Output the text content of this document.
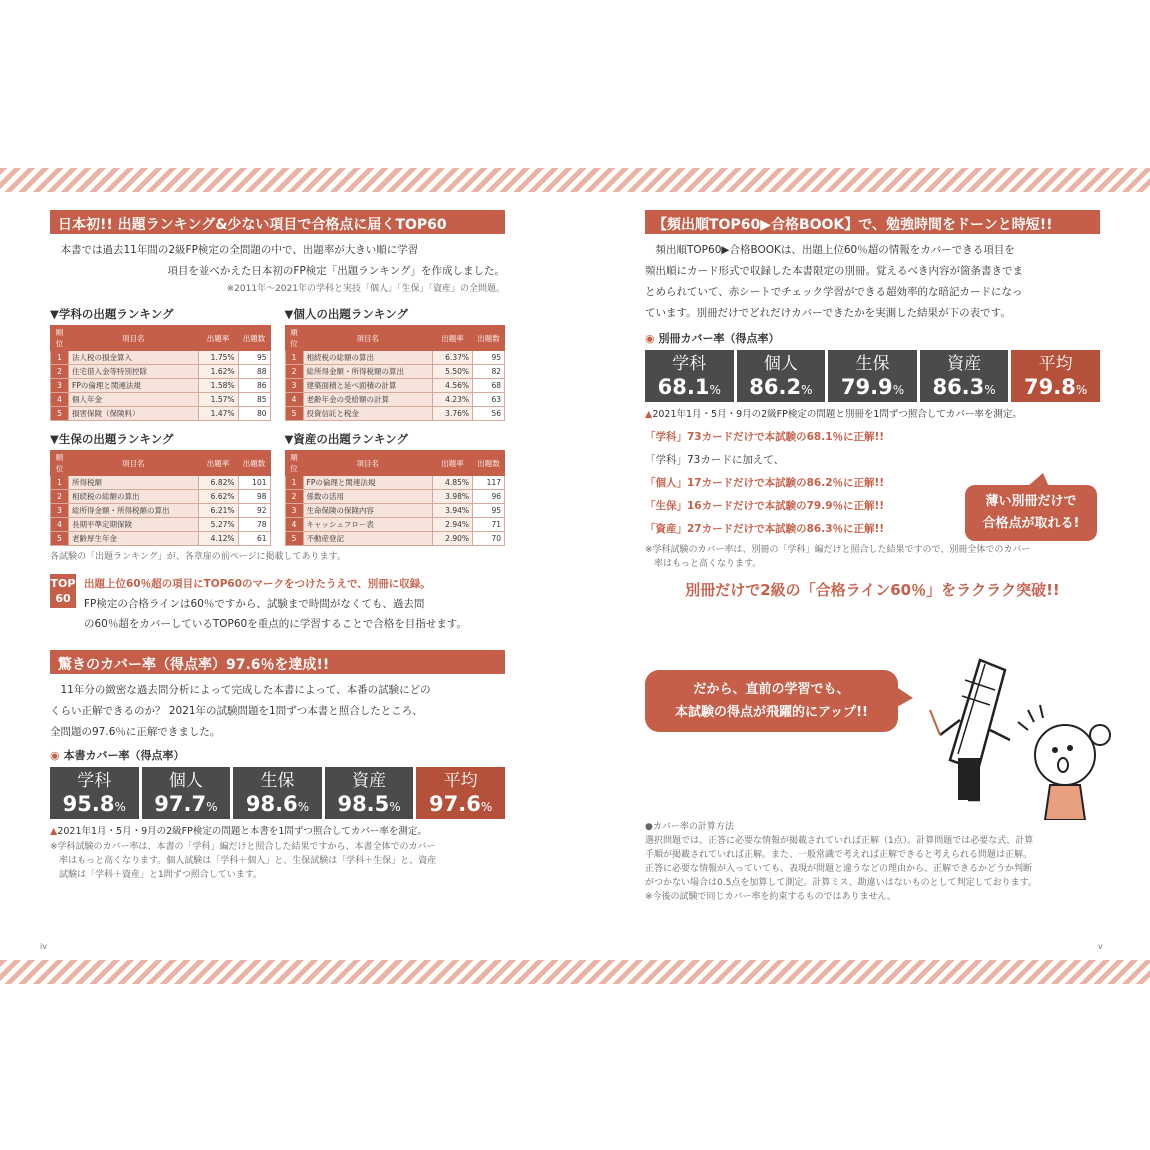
日本初!! 出題ランキング&少ない項目で合格点に届くTOP60
本書では過去11年間の2級FP検定の全問題の中で、出題率が大きい順に学習
項目を並べかえた日本初のFP検定「出題ランキング」を作成しました。
※2011年～2021年の学科と実技「個人」「生保」「資産」の全問題。
▼学科の出題ランキング
順位	項目名	出題率	出題数
1	法人税の損金算入	1.75%	95
2	住宅借入金等特別控除	1.62%	88
3	FPの倫理と関連法規	1.58%	86
4	個人年金	1.57%	85
5	損害保険（保険料）	1.47%	80
▼個人の出題ランキング
順位	項目名	出題率	出題数
1	相続税の総額の算出	6.37%	95
2	総所得金額・所得税額の算出	5.50%	82
3	建築面積と延べ面積の計算	4.56%	68
4	老齢年金の受給額の計算	4.23%	63
5	投資信託と税金	3.76%	56
▼生保の出題ランキング
順位	項目名	出題率	出題数
1	所得税額	6.82%	101
2	相続税の総額の算出	6.62%	98
3	総所得金額・所得税額の算出	6.21%	92
4	長期平準定期保険	5.27%	78
5	老齢厚生年金	4.12%	61
▼資産の出題ランキング
順位	項目名	出題率	出題数
1	FPの倫理と関連法規	4.85%	117
2	係数の活用	3.98%	96
3	生命保険の保険内容	3.94%	95
4	キャッシュフロー表	2.94%	71
5	不動産登記	2.90%	70
各試験の「出題ランキング」が、各章扉の前ページに掲載してあります。
TOP
60
出題上位60％超の項目にTOP60のマークをつけたうえで、別冊に収録。
FP検定の合格ラインは60％ですから、試験まで時間がなくても、過去問
の60％超をカバーしているTOP60を重点的に学習することで合格を目指せます。
驚きのカバー率（得点率）97.6％を達成!!
11年分の緻密な過去問分析によって完成した本書によって、本番の試験にどの
くらい正解できるのか？ 2021年の試験問題を1問ずつ本書と照合したところ、
全問題の97.6％に正解できました。
◉ 本書カバー率（得点率）
学科
95.8%
個人
97.7%
生保
98.6%
資産
98.5%
平均
97.6%
▲2021年1月・5月・9月の2級FP検定の問題と本書を1問ずつ照合してカバー率を測定。
※学科試験のカバー率は、本書の「学科」編だけと照合した結果ですから、本書全体でのカバー
率はもっと高くなります。個人試験は「学科＋個人」と、生保試験は「学科＋生保」と、資産
試験は「学科＋資産」と1問ずつ照合しています。
iv
【頻出順TOP60▶合格BOOK】で、勉強時間をドーンと時短!!
頻出順TOP60▶合格BOOKは、出題上位60％超の情報をカバーできる項目を
頻出順にカード形式で収録した本書限定の別冊。覚えるべき内容が箇条書きでま
とめられていて、赤シートでチェック学習ができる超効率的な暗記カードになっ
ています。別冊だけでどれだけカバーできたかを実測した結果が下の表です。
◉ 別冊カバー率（得点率）
学科
68.1%
個人
86.2%
生保
79.9%
資産
86.3%
平均
79.8%
▲2021年1月・5月・9月の2級FP検定の問題と別冊を1問ずつ照合してカバー率を測定。
「学科」73カードだけで本試験の68.1％に正解!!
「学科」73カードに加えて、
「個人」17カードだけで本試験の86.2％に正解!!
「生保」16カードだけで本試験の79.9％に正解!!
「資産」27カードだけで本試験の86.3％に正解!!
※学科試験のカバー率は、別冊の「学科」編だけと照合した結果ですので、別冊全体でのカバー
率はもっと高くなります。
別冊だけで2級の「合格ライン60％」をラクラク突破!!
●カバー率の計算方法
選択問題では、正答に必要な情報が掲載されていれば正解（1点）。計算問題では必要な式、計算
手順が掲載されていれば正解。また、一般常識で考えれば正解できると考えられる問題は正解。
正答に必要な情報が入っていても、表現が問題と違うなどの理由から、正解できるかどうか判断
がつかない場合は0.5点を加算して測定。計算ミス、勘違いはないものとして判定しております。
※今後の試験で同じカバー率を約束するものではありません。
v
薄い別冊だけで
合格点が取れる!
だから、直前の学習でも、
本試験の得点が飛躍的にアップ!!
